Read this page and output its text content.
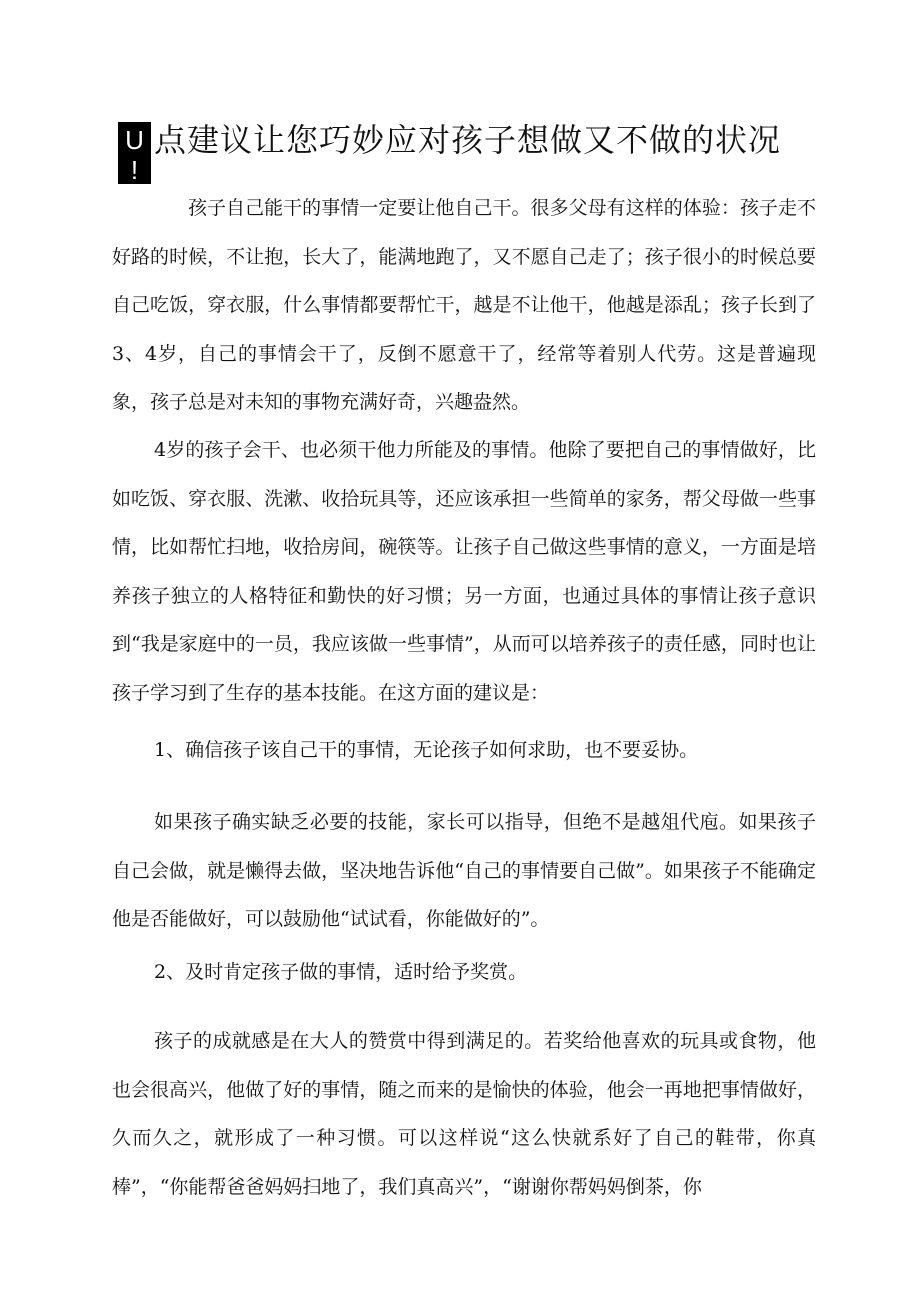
U
!
点建议让您巧妙应对孩子想做又不做的状况

孩子自己能干的事情一定要让他自己干。很多父母有这样的体验：孩子走不好路的时候，不让抱，长大了，能满地跑了，又不愿自己走了；孩子很小的时候总要自己吃饭，穿衣服，什么事情都要帮忙干，越是不让他干，他越是添乱；孩子长到了3、4岁，自己的事情会干了，反倒不愿意干了，经常等着别人代劳。这是普遍现象，孩子总是对未知的事物充满好奇，兴趣盎然。

4岁的孩子会干、也必须干他力所能及的事情。他除了要把自己的事情做好，比如吃饭、穿衣服、洗漱、收拾玩具等，还应该承担一些简单的家务，帮父母做一些事情，比如帮忙扫地，收拾房间，碗筷等。让孩子自己做这些事情的意义，一方面是培养孩子独立的人格特征和勤快的好习惯；另一方面，也通过具体的事情让孩子意识到“我是家庭中的一员，我应该做一些事情”，从而可以培养孩子的责任感，同时也让孩子学习到了生存的基本技能。在这方面的建议是：

1、确信孩子该自己干的事情，无论孩子如何求助，也不要妥协。

如果孩子确实缺乏必要的技能，家长可以指导，但绝不是越俎代庖。如果孩子自己会做，就是懒得去做，坚决地告诉他“自己的事情要自己做”。如果孩子不能确定他是否能做好，可以鼓励他“试试看，你能做好的”。

2、及时肯定孩子做的事情，适时给予奖赏。

孩子的成就感是在大人的赞赏中得到满足的。若奖给他喜欢的玩具或食物，他也会很高兴，他做了好的事情，随之而来的是愉快的体验，他会一再地把事情做好，久而久之，就形成了一种习惯。可以这样说“这么快就系好了自己的鞋带，你真棒”，“你能帮爸爸妈妈扫地了，我们真高兴”，“谢谢你帮妈妈倒茶，你
